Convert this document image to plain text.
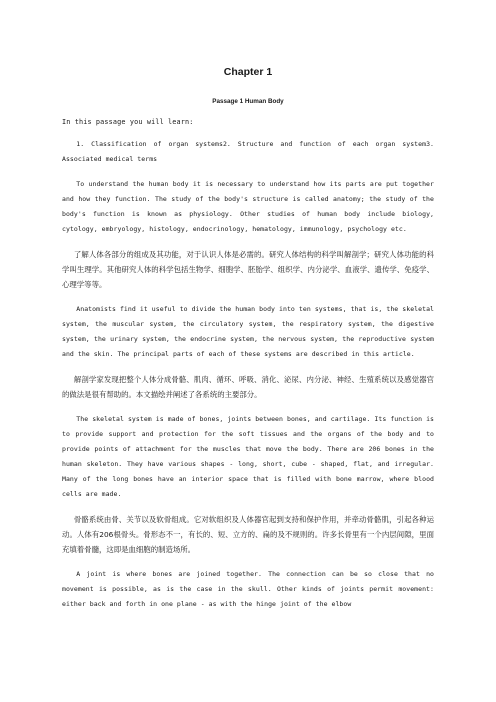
Chapter 1
Passage 1 Human Body
In this passage you will learn:

1. Classification of organ systems2. Structure and function of each organ system3. Associated medical terms

To understand the human body it is necessary to understand how its parts are put together and how they function. The study of the body's structure is called anatomy; the study of the body's function is known as physiology. Other studies of human body include biology, cytology, embryology, histology, endocrinology, hematology, immunology, psychology etc.

了解人体各部分的组成及其功能，对于认识人体是必需的。研究人体结构的科学叫解剖学；研究人体功能的科学叫生理学。其他研究人体的科学包括生物学、细胞学、胚胎学、组织学、内分泌学、血液学、遗传学、免疫学、心理学等等。

Anatomists find it useful to divide the human body into ten systems, that is, the skeletal system, the muscular system, the circulatory system, the respiratory system, the digestive system, the urinary system, the endocrine system, the nervous system, the reproductive system and the skin. The principal parts of each of these systems are described in this article.

解剖学家发现把整个人体分成骨骼、肌肉、循环、呼吸、消化、泌尿、内分泌、神经、生殖系统以及感觉器官的做法是很有帮助的。本文描绘并阐述了各系统的主要部分。

The skeletal system is made of bones, joints between bones, and cartilage. Its function is to provide support and protection for the soft tissues and the organs of the body and to provide points of attachment for the muscles that move the body. There are 206 bones in the human skeleton. They have various shapes - long, short, cube - shaped, flat, and irregular. Many of the long bones have an interior space that is filled with bone marrow, where blood cells are made.

骨骼系统由骨、关节以及软骨组成。它对软组织及人体器官起到支持和保护作用，并牵动骨骼肌，引起各种运动。人体有206根骨头。骨形态不一，有长的、短、立方的、扁的及不规则的。许多长骨里有一个内层间隙，里面充填着骨髓，这即是血细胞的制造场所。

A joint is where bones are joined together. The connection can be so close that no movement is possible, as is the case in the skull. Other kinds of joints permit movement: either back and forth in one plane - as with the hinge joint of the elbow
